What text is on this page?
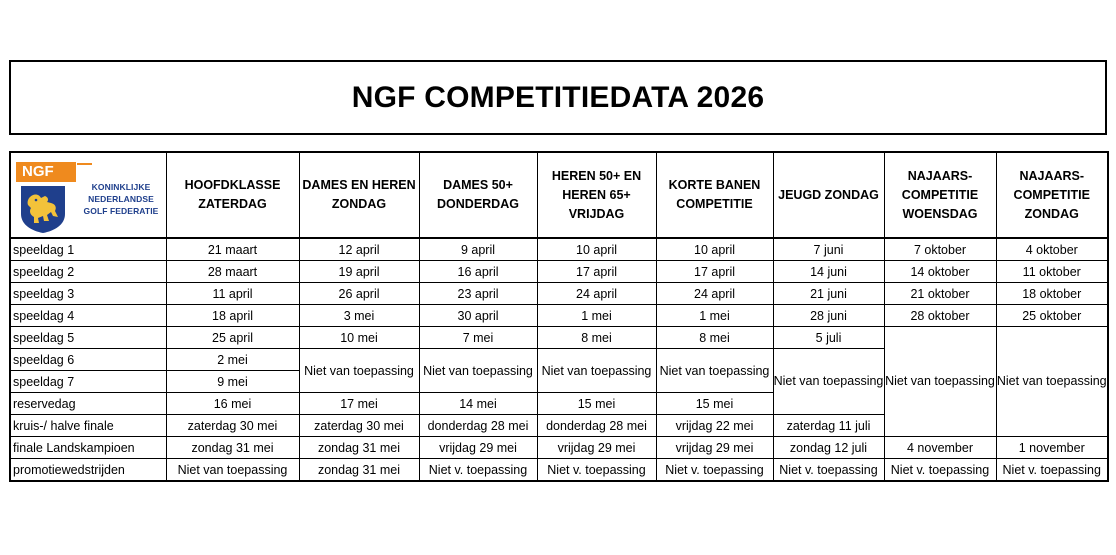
NGF COMPETITIEDATA 2026
NGF
KONINKLIJKE
NEDERLANDSE
GOLF FEDERATIE	HOOFDKLASSE ZATERDAG	DAMES EN HEREN ZONDAG	DAMES 50+ DONDERDAG	HEREN 50+ EN HEREN 65+ VRIJDAG	KORTE BANEN COMPETITIE	JEUGD ZONDAG	NAJAARS-COMPETITIE WOENSDAG	NAJAARS-COMPETITIE ZONDAG
speeldag 1	21 maart	12 april	9 april	10 april	10 april	7 juni	7 oktober	4 oktober
speeldag 2	28 maart	19 april	16 april	17 april	17 april	14 juni	14 oktober	11 oktober
speeldag 3	11 april	26 april	23 april	24 april	24 april	21 juni	21 oktober	18 oktober
speeldag 4	18 april	3 mei	30 april	1 mei	1 mei	28 juni	28 oktober	25 oktober
speeldag 5	25 april	10 mei	7 mei	8 mei	8 mei	5 juli	Niet van toepassing	Niet van toepassing
speeldag 6	2 mei	Niet van toepassing	Niet van toepassing	Niet van toepassing	Niet van toepassing	Niet van toepassing		
speeldag 7	9 mei							
reservedag	16 mei	17 mei	14 mei	15 mei	15 mei			
kruis-/ halve finale	zaterdag 30 mei	zaterdag 30 mei	donderdag 28 mei	donderdag 28 mei	vrijdag 22 mei	zaterdag 11 juli		
finale Landskampioen	zondag 31 mei	zondag 31 mei	vrijdag 29 mei	vrijdag 29 mei	vrijdag 29 mei	zondag 12 juli	4 november	1 november
promotiewedstrijden	Niet van toepassing	zondag 31 mei	Niet v. toepassing	Niet v. toepassing	Niet v. toepassing	Niet v. toepassing	Niet v. toepassing	Niet v. toepassing
